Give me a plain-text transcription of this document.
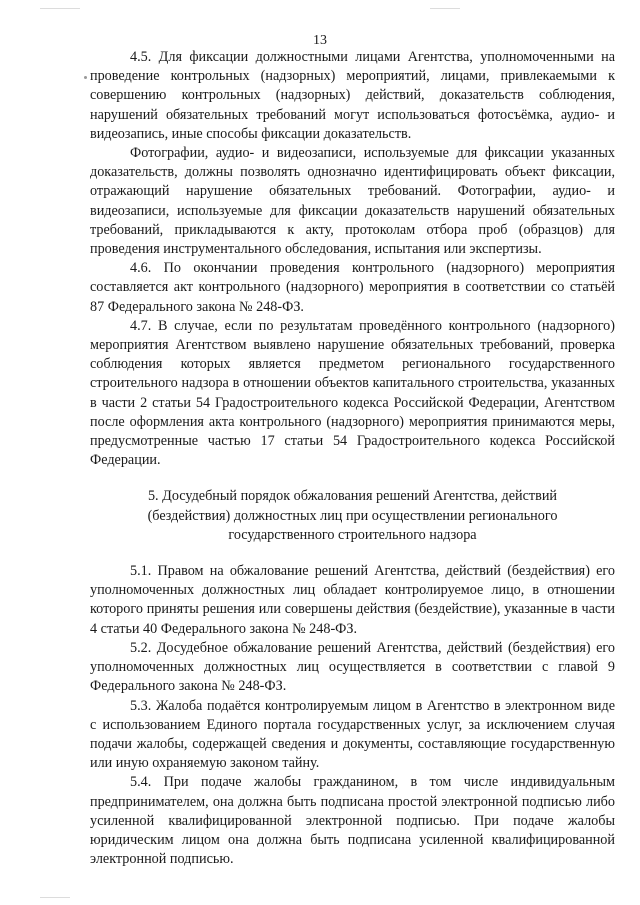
13

4.5. Для фиксации должностными лицами Агентства, уполномоченными на проведение контрольных (надзорных) мероприятий, лицами, привлекаемыми к совершению контрольных (надзорных) действий, доказательств соблюдения, нарушений обязательных требований могут использоваться фотосъёмка, аудио- и видеозапись, иные способы фиксации доказательств.

Фотографии, аудио- и видеозаписи, используемые для фиксации указанных доказательств, должны позволять однозначно идентифицировать объект фиксации, отражающий нарушение обязательных требований. Фотографии, аудио- и видеозаписи, используемые для фиксации доказательств нарушений обязательных требований, прикладываются к акту, протоколам отбора проб (образцов) для проведения инструментального обследования, испытания или экспертизы.

4.6. По окончании проведения контрольного (надзорного) мероприятия составляется акт контрольного (надзорного) мероприятия в соответствии со статьёй 87 Федерального закона № 248-ФЗ.

4.7. В случае, если по результатам проведённого контрольного (надзорного) мероприятия Агентством выявлено нарушение обязательных требований, проверка соблюдения которых является предметом регионального государственного строительного надзора в отношении объектов капитального строительства, указанных в части 2 статьи 54 Градостроительного кодекса Российской Федерации, Агентством после оформления акта контрольного (надзорного) мероприятия принимаются меры, предусмотренные частью 17 статьи 54 Градостроительного кодекса Российской Федерации.

5. Досудебный порядок обжалования решений Агентства, действий (бездействия) должностных лиц при осуществлении регионального государственного строительного надзора

5.1. Правом на обжалование решений Агентства, действий (бездействия) его уполномоченных должностных лиц обладает контролируемое лицо, в отношении которого приняты решения или совершены действия (бездействие), указанные в части 4 статьи 40 Федерального закона № 248-ФЗ.

5.2. Досудебное обжалование решений Агентства, действий (бездействия) его уполномоченных должностных лиц осуществляется в соответствии с главой 9 Федерального закона № 248-ФЗ.

5.3. Жалоба подаётся контролируемым лицом в Агентство в электронном виде с использованием Единого портала государственных услуг, за исключением случая подачи жалобы, содержащей сведения и документы, составляющие государственную или иную охраняемую законом тайну.

5.4. При подаче жалобы гражданином, в том числе индивидуальным предпринимателем, она должна быть подписана простой электронной подписью либо усиленной квалифицированной электронной подписью. При подаче жалобы юридическим лицом она должна быть подписана усиленной квалифицированной электронной подписью.
